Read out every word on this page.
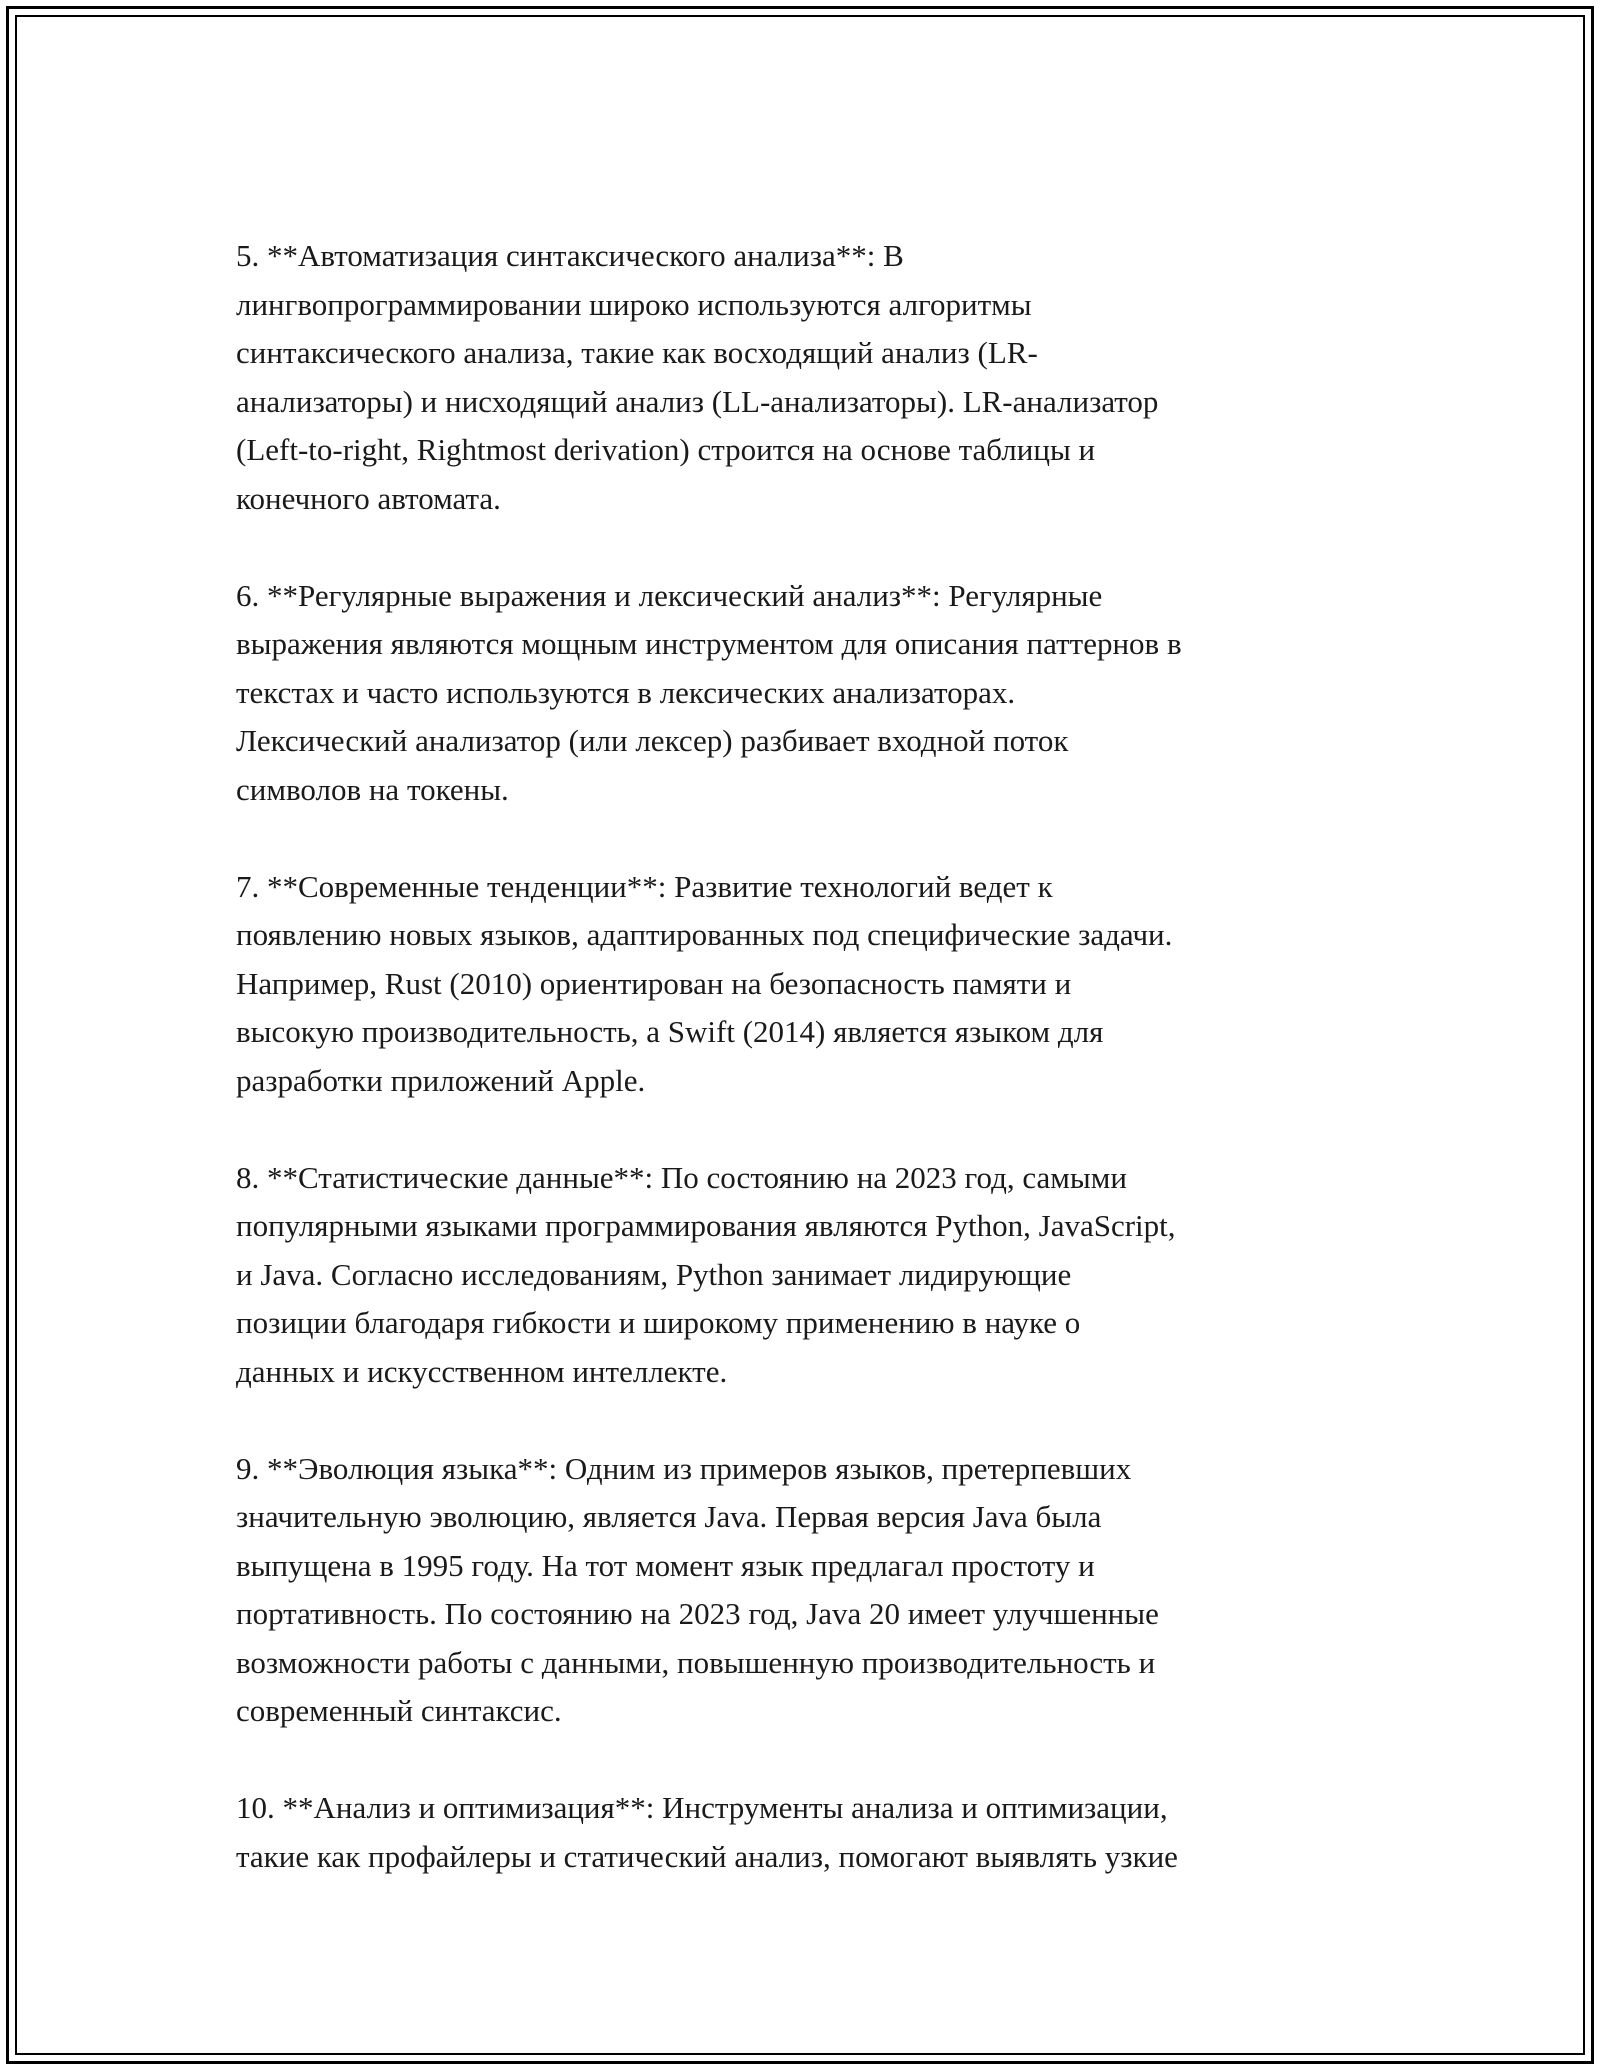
5. **Автоматизация синтаксического анализа**: В
лингвопрограммировании широко используются алгоритмы
синтаксического анализа, такие как восходящий анализ (LR-
анализаторы) и нисходящий анализ (LL-анализаторы). LR-анализатор
(Left-to-right, Rightmost derivation) строится на основе таблицы и
конечного автомата.

6. **Регулярные выражения и лексический анализ**: Регулярные
выражения являются мощным инструментом для описания паттернов в
текстах и часто используются в лексических анализаторах.
Лексический анализатор (или лексер) разбивает входной поток
символов на токены.

7. **Современные тенденции**: Развитие технологий ведет к
появлению новых языков, адаптированных под специфические задачи.
Например, Rust (2010) ориентирован на безопасность памяти и
высокую производительность, а Swift (2014) является языком для
разработки приложений Apple.

8. **Статистические данные**: По состоянию на 2023 год, самыми
популярными языками программирования являются Python, JavaScript,
и Java. Согласно исследованиям, Python занимает лидирующие
позиции благодаря гибкости и широкому применению в науке о
данных и искусственном интеллекте.

9. **Эволюция языка**: Одним из примеров языков, претерпевших
значительную эволюцию, является Java. Первая версия Java была
выпущена в 1995 году. На тот момент язык предлагал простоту и
портативность. По состоянию на 2023 год, Java 20 имеет улучшенные
возможности работы с данными, повышенную производительность и
современный синтаксис.

10. **Анализ и оптимизация**: Инструменты анализа и оптимизации,
такие как профайлеры и статический анализ, помогают выявлять узкие
